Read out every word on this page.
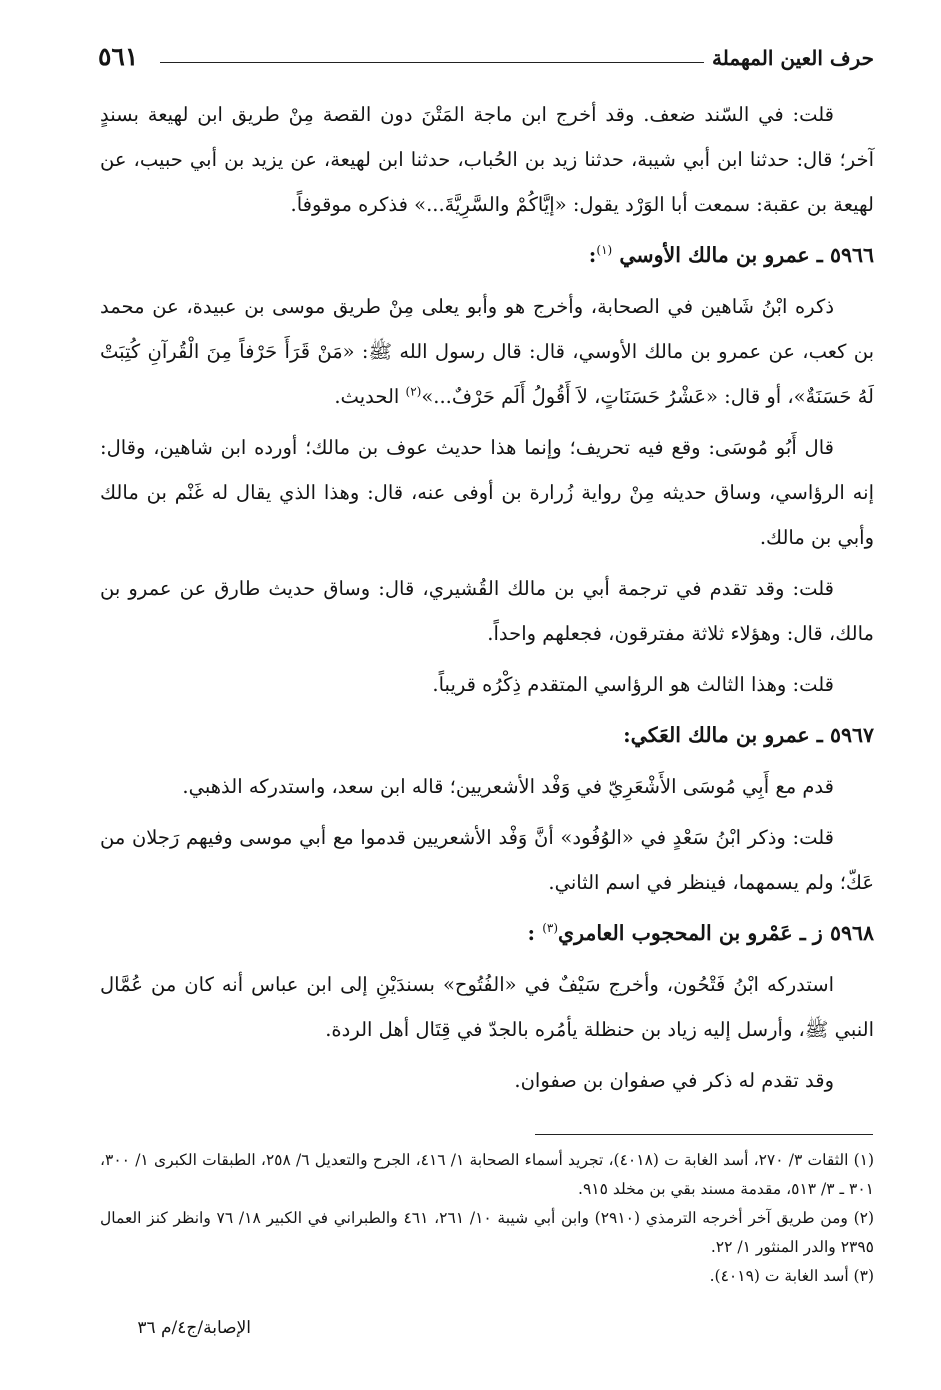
حرف العين المهملة
٥٦١

قلت: في السّند ضعف. وقد أخرج ابن ماجة المَتْنَ دون القصة مِنْ طريق ابن لهيعة بسندٍ آخر؛ قال: حدثنا ابن أبي شيبة، حدثنا زيد بن الحُباب، حدثنا ابن لهيعة، عن يزيد بن أبي حبيب، عن لهيعة بن عقبة: سمعت أبا الوَرْد يقول: «إيَّاكُمْ والسَّرِيَّةَ...» فذكره موقوفاً.

٥٩٦٦ ـ عمرو بن مالك الأوسي $^{(١)}$:

ذكره ابْنُ شَاهين في الصحابة، وأخرج هو وأبو يعلى مِنْ طريق موسى بن عبيدة، عن محمد بن كعب، عن عمرو بن مالك الأوسي، قال: قال رسول الله ﷺ: «مَنْ قَرَأَ حَرْفاً مِنَ الْقُرآنِ كُتِبَتْ لَهُ حَسَنَةٌ»، أو قال: «عَشْرُ حَسَنَاتٍ، لاَ أَقُولُ أَلَم حَرْفٌ...»$^{(٢)}$ الحديث.

قال أَبُو مُوسَى: وقع فيه تحريف؛ وإنما هذا حديث عوف بن مالك؛ أورده ابن شاهين، وقال: إنه الرؤاسي، وساق حديثه مِنْ رواية زُرارة بن أوفى عنه، قال: وهذا الذي يقال له غَنْم بن مالك وأبي بن مالك.

قلت: وقد تقدم في ترجمة أبي بن مالك القُشيري، قال: وساق حديث طارق عن عمرو بن مالك، قال: وهؤلاء ثلاثة مفترقون، فجعلهم واحداً.

قلت: وهذا الثالث هو الرؤاسي المتقدم ذِكْرُه قريباً.

٥٩٦٧ ـ عمرو بن مالك العَكي:

قدم مع أَبِي مُوسَى الأَشْعَرِيّ في وَفْد الأشعريين؛ قاله ابن سعد، واستدركه الذهبي.

قلت: وذكر ابْنُ سَعْدٍ في «الوُفُود» أنَّ وَفْد الأشعريين قدموا مع أبي موسى وفيهم رَجلان من عَكّ؛ ولم يسمهما، فينظر في اسم الثاني.

٥٩٦٨ ز ـ عَمْرو بن المحجوب العامري$^{(٣)}$ :

استدركه ابْنُ فَتْحُون، وأخرج سَيْفٌ في «الفُتُوح» بسندَيْنِ إلى ابن عباس أنه كان من عُمَّال النبي ﷺ، وأرسل إليه زياد بن حنظلة يأمُره بالجدّ في قِتَال أهل الردة.

وقد تقدم له ذكر في صفوان بن صفوان.

(١) الثقات ٣/ ٢٧٠، أسد الغابة ت (٤٠١٨)، تجريد أسماء الصحابة ١/ ٤١٦، الجرح والتعديل ٦/ ٢٥٨، الطبقات الكبرى ١/ ٣٠٠، ٣٠١ ـ ٣/ ٥١٣، مقدمة مسند بقي بن مخلد ٩١٥.

(٢) ومن طريق آخر أخرجه الترمذي (٢٩١٠) وابن أبي شيبة ١٠/ ٢٦١، ٤٦١ والطبراني في الكبير ١٨/ ٧٦ وانظر كنز العمال ٢٣٩٥ والدر المنثور ١/ ٢٢.

(٣) أسد الغابة ت (٤٠١٩).

الإصابة/ج٤/م ٣٦
